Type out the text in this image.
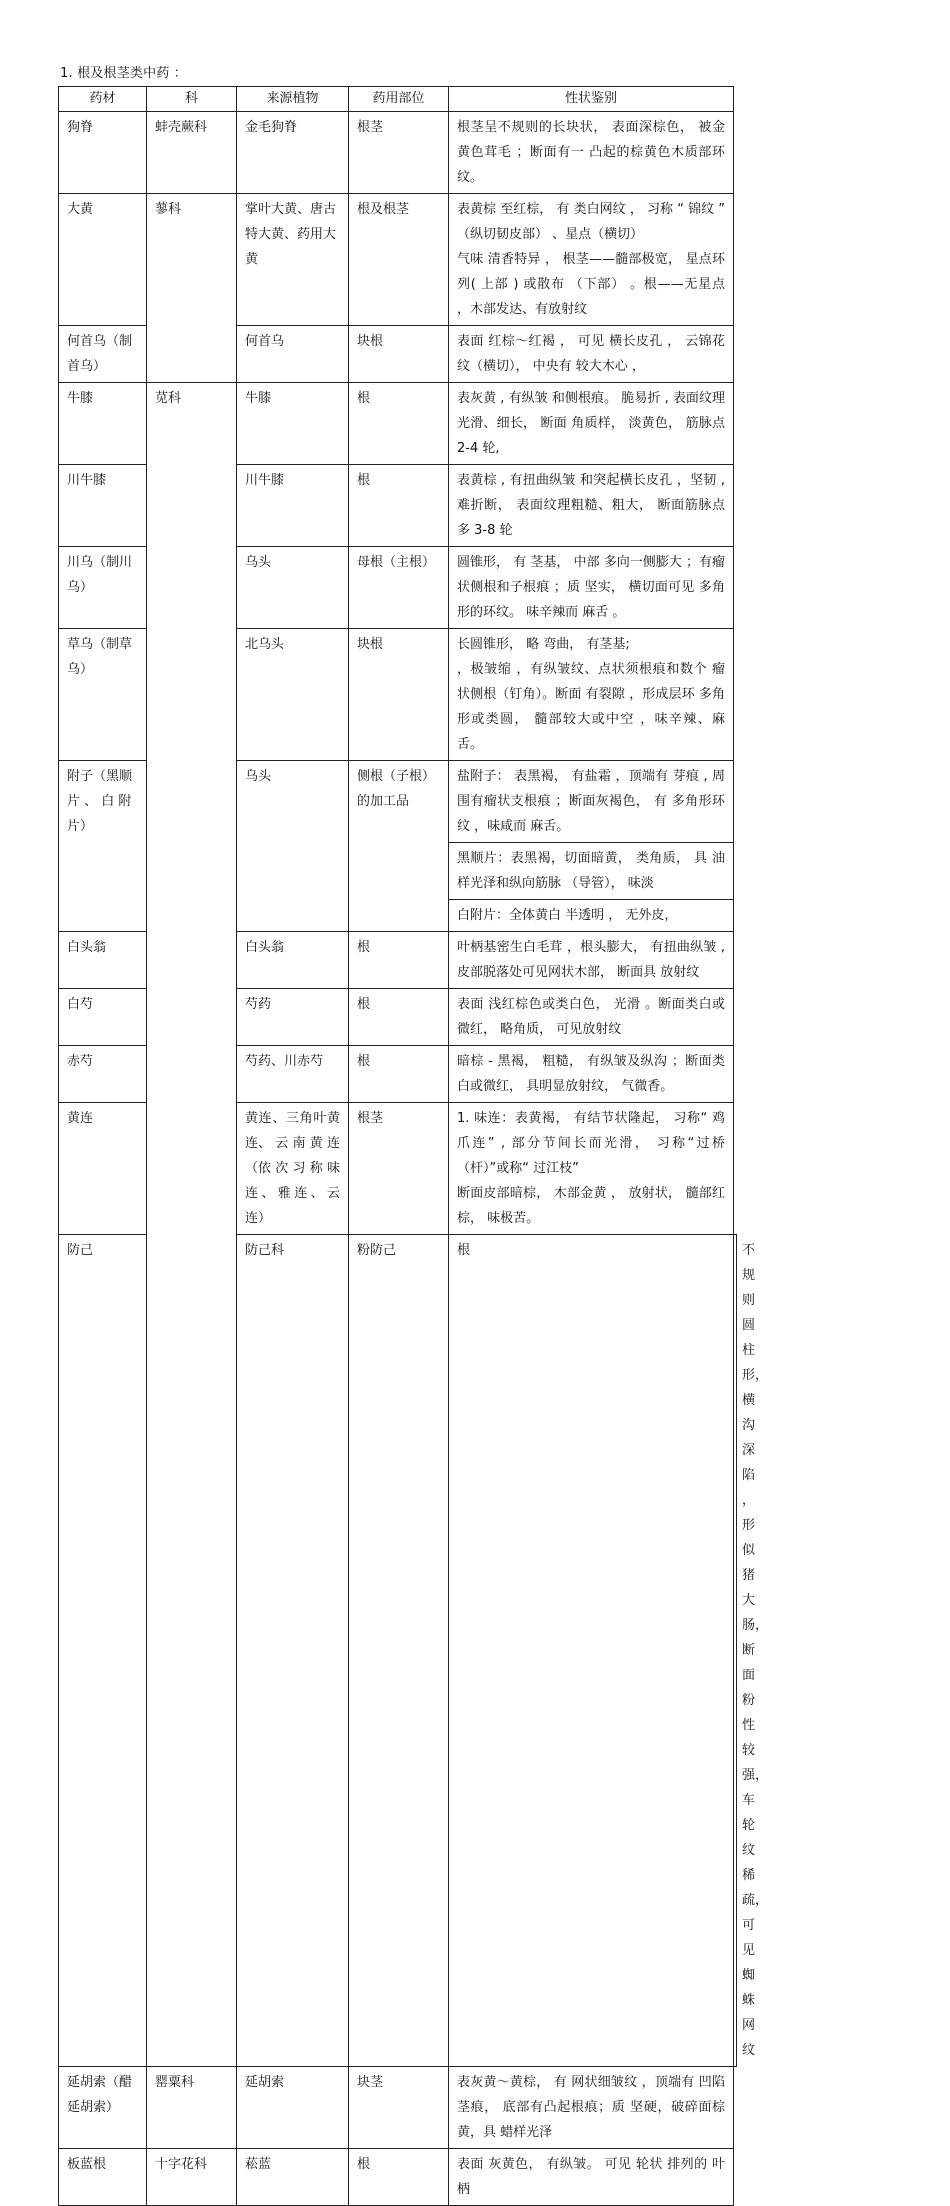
1. 根及根茎类中药 ：
药材	科	来源植物	药用部位	性状鉴别	
狗脊	蚌壳蕨科	金毛狗脊	根茎	根茎呈不规则的长块状， 表面深棕色， 被金黄色茸毛 ；断面有一 凸起的棕黄色木质部环纹。	

大黄	蓼科	掌叶大黄、唐古特大黄、药用大黄	根及根茎	表黄棕 至红棕， 有 类白网纹 ， 习称 “ 锦纹 ” （纵切韧皮部） 、星点（横切）
气味 清香特异 ， 根茎——髓部极宽， 星点环列( 上部 ) 或散布 （下部） 。根——无星点 ，木部发达、有放射纹	

何首乌（制首乌）		何首乌	块根	表面 红棕～红褐 ， 可见 横长皮孔 ， 云锦花纹（横切）， 中央有 较大木心 ，	

牛膝	苋科	牛膝	根	表灰黄 , 有纵皱 和侧根痕。 脆易折 , 表面纹理光滑、细长， 断面 角质样， 淡黄色， 筋脉点 2-4 轮,	

川牛膝		川牛膝	根	表黄棕 , 有扭曲纵皱 和突起横长皮孔 ，坚韧 , 难折断， 表面纹理粗糙、粗大， 断面筋脉点多 3-8 轮	

川乌（制川乌）		乌头	母根（主根）	圆锥形， 有 茎基， 中部 多向一侧膨大 ；有瘤状侧根和子根痕 ；质 坚实， 横切面可见 多角形的环纹。 味辛辣而 麻舌 。	

草乌（制草乌）		北乌头	块根	长圆锥形， 略 弯曲， 有茎基;
，极皱缩 ，有纵皱纹、点状须根痕和数个 瘤状侧根（钉角）。断面 有裂隙 ，形成层环 多角形或类圆， 髓部较大或中空 ，味辛辣、麻舌。	

附子（黑顺片 、 白 附片）		乌头	侧根（子根）的加工品	盐附子： 表黑褐， 有盐霜 ，顶端有 芽痕 , 周围有瘤状支根痕 ；断面灰褐色， 有 多角形环纹 ，味咸而 麻舌。	

				黑顺片：表黑褐，切面暗黄， 类角质， 具 油样光泽和纵向筋脉 （导管）， 味淡	

				白附片：全体黄白 半透明 ， 无外皮，	

白头翁		白头翁	根	叶柄基密生白毛茸 ，根头膨大， 有扭曲纵皱 , 皮部脱落处可见网状木部， 断面具 放射纹	

白芍		芍药	根	表面 浅红棕色或类白色， 光滑 。断面类白或微红， 略角质， 可见放射纹	

赤芍		芍药、川赤芍	根	暗棕 - 黑褐， 粗糙， 有纵皱及纵沟 ；断面类白或微红， 具明显放射纹， 气微香。	

黄连		黄连、三角叶黄连、 云 南 黄 连（依 次 习 称 味连、雅连、云连）	根茎	1. 味连：表黄褐， 有结节状隆起， 习称“ 鸡爪连” , 部分节间长而光滑， 习称“过桥（杆）”或称“ 过江枝”
断面皮部暗棕， 木部金黄 ， 放射状， 髓部红棕， 味极苦。	

防己		防己科	粉防己	根	不规则圆柱形， 横沟深陷 ，形似猪大肠， 断面粉性较强， 车轮纹稀疏， 可见蜘蛛网纹

延胡索（醋延胡索）	罂粟科	延胡索	块茎	表灰黄～黄棕， 有 网状细皱纹 ，顶端有 凹陷茎痕， 底部有凸起根痕；质 坚硬，破碎面棕黄，具 蜡样光泽	

板蓝根	十字花科	菘蓝	根	表面 灰黄色， 有纵皱。 可见 轮状 排列的 叶柄	
